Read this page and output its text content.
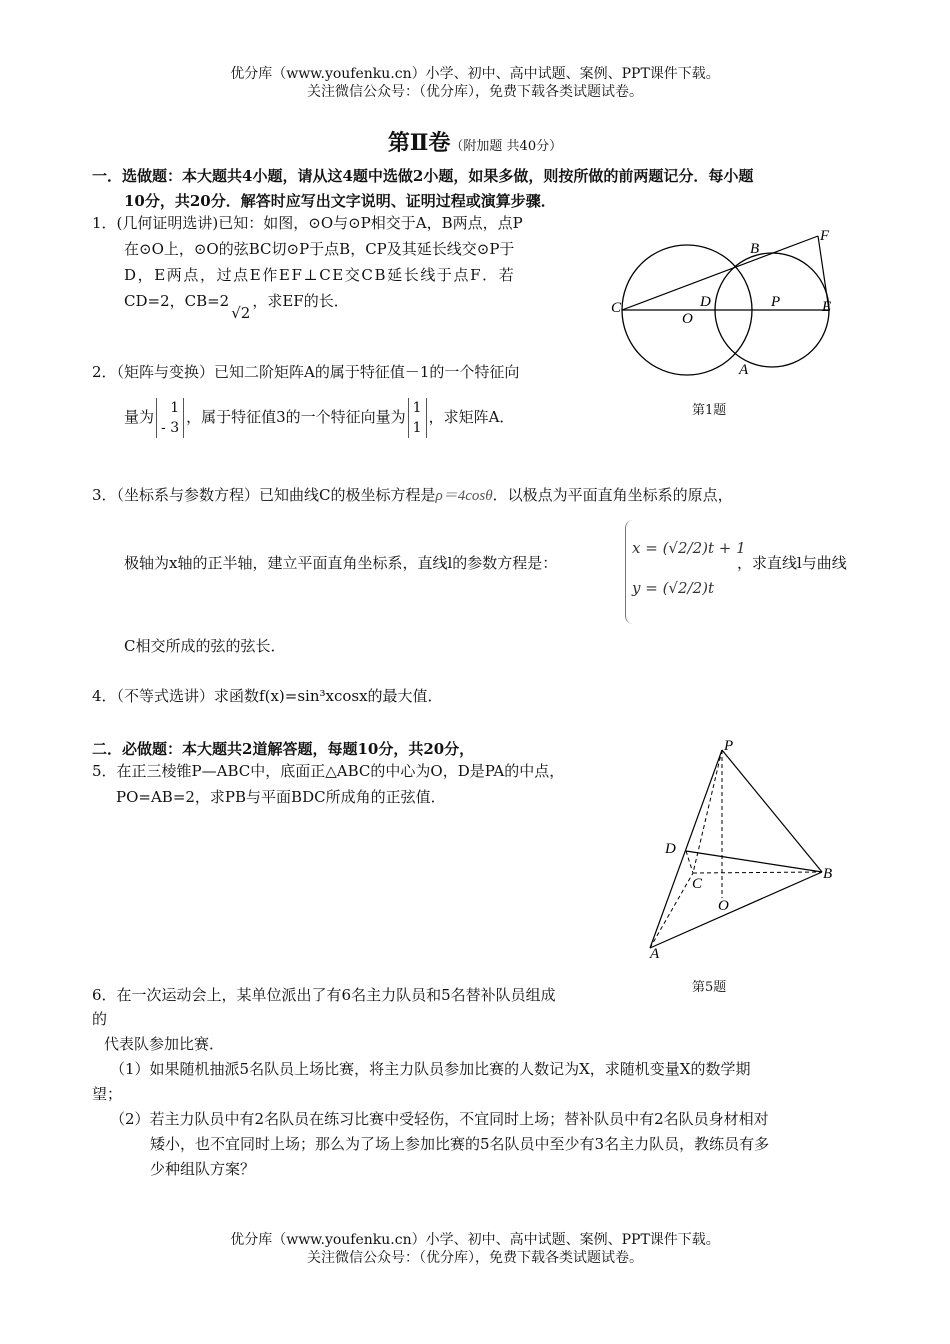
优分库（www.youfenku.cn）小学、初中、高中试题、案例、PPT课件下载。
关注微信公众号：（优分库），免费下载各类试题试卷。
第Ⅱ卷（附加题 共40分）
一．选做题：本大题共4小题，请从这4题中选做2小题，如果多做，则按所做的前两题记分．每小题
10分，共20分．解答时应写出文字说明、证明过程或演算步骤．
1．(几何证明选讲)已知：如图，⊙O与⊙P相交于A，B两点，点P
在⊙O上，⊙O的弦BC切⊙P于点B，CP及其延长线交⊙P于
D，E两点，过点E作EF⊥CE交CB延长线于点F．若
CD=2，CB=2√2，求EF的长．
B
F
C	D	P	E
O
A
第1题
2．（矩阵与变换）已知二阶矩阵A的属于特征值－1的一个特征向
量为 1
- 3，属于特征值3的一个特征向量为 1
1，求矩阵A．
3．（坐标系与参数方程）已知曲线C的极坐标方程是ρ＝4cosθ．以极点为平面直角坐标系的原点，
极轴为x轴的正半轴，建立平面直角坐标系，直线l的参数方程是：
x = (√2/2)t + 1
y = (√2/2)t
，求直线l与曲线
C相交所成的弦的弦长．
4．（不等式选讲）求函数f(x)=sin³xcosx的最大值．
二．必做题：本大题共2道解答题，每题10分，共20分，
5．在正三棱锥P—ABC中，底面正△ABC的中心为O，D是PA的中点，
PO=AB=2，求PB与平面BDC所成角的正弦值．
P
D
C
B
O
A
第5题
6．在一次运动会上，某单位派出了有6名主力队员和5名替补队员组成
的
代表队参加比赛．
（1）如果随机抽派5名队员上场比赛，将主力队员参加比赛的人数记为X，求随机变量X的数学期
望；
（2）若主力队员中有2名队员在练习比赛中受轻伤，不宜同时上场；替补队员中有2名队员身材相对
矮小，也不宜同时上场；那么为了场上参加比赛的5名队员中至少有3名主力队员，教练员有多
少种组队方案？
优分库（www.youfenku.cn）小学、初中、高中试题、案例、PPT课件下载。
关注微信公众号：（优分库），免费下载各类试题试卷。
